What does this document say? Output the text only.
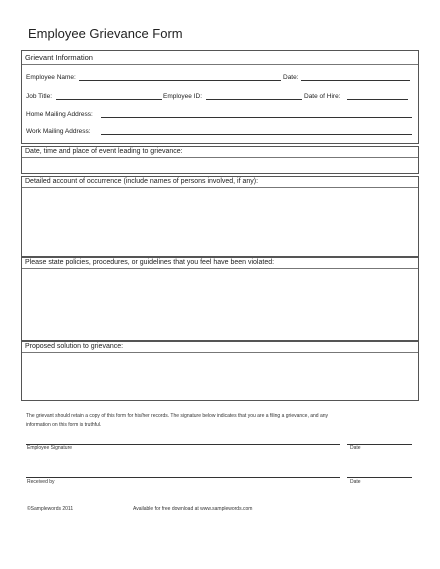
Employee Grievance Form
Grievant Information
Employee Name:	Date:
Job Title:	Employee ID:	Date of Hire:
Home Mailing Address:
Work Mailing Address:
Date, time and place of event leading to grievance:
Detailed account of occurrence (include names of persons involved, if any):
Please state policies, procedures, or guidelines that you feel have been violated:
Proposed solution to grievance:
The grievant should retain a copy of this form for his/her records. The signature below indicates that you are a filing a grievance, and any
information on this form is truthful.
Employee Signature	Date
Received by	Date
©Samplewords 2011	Available for free download at www.samplewords.com
